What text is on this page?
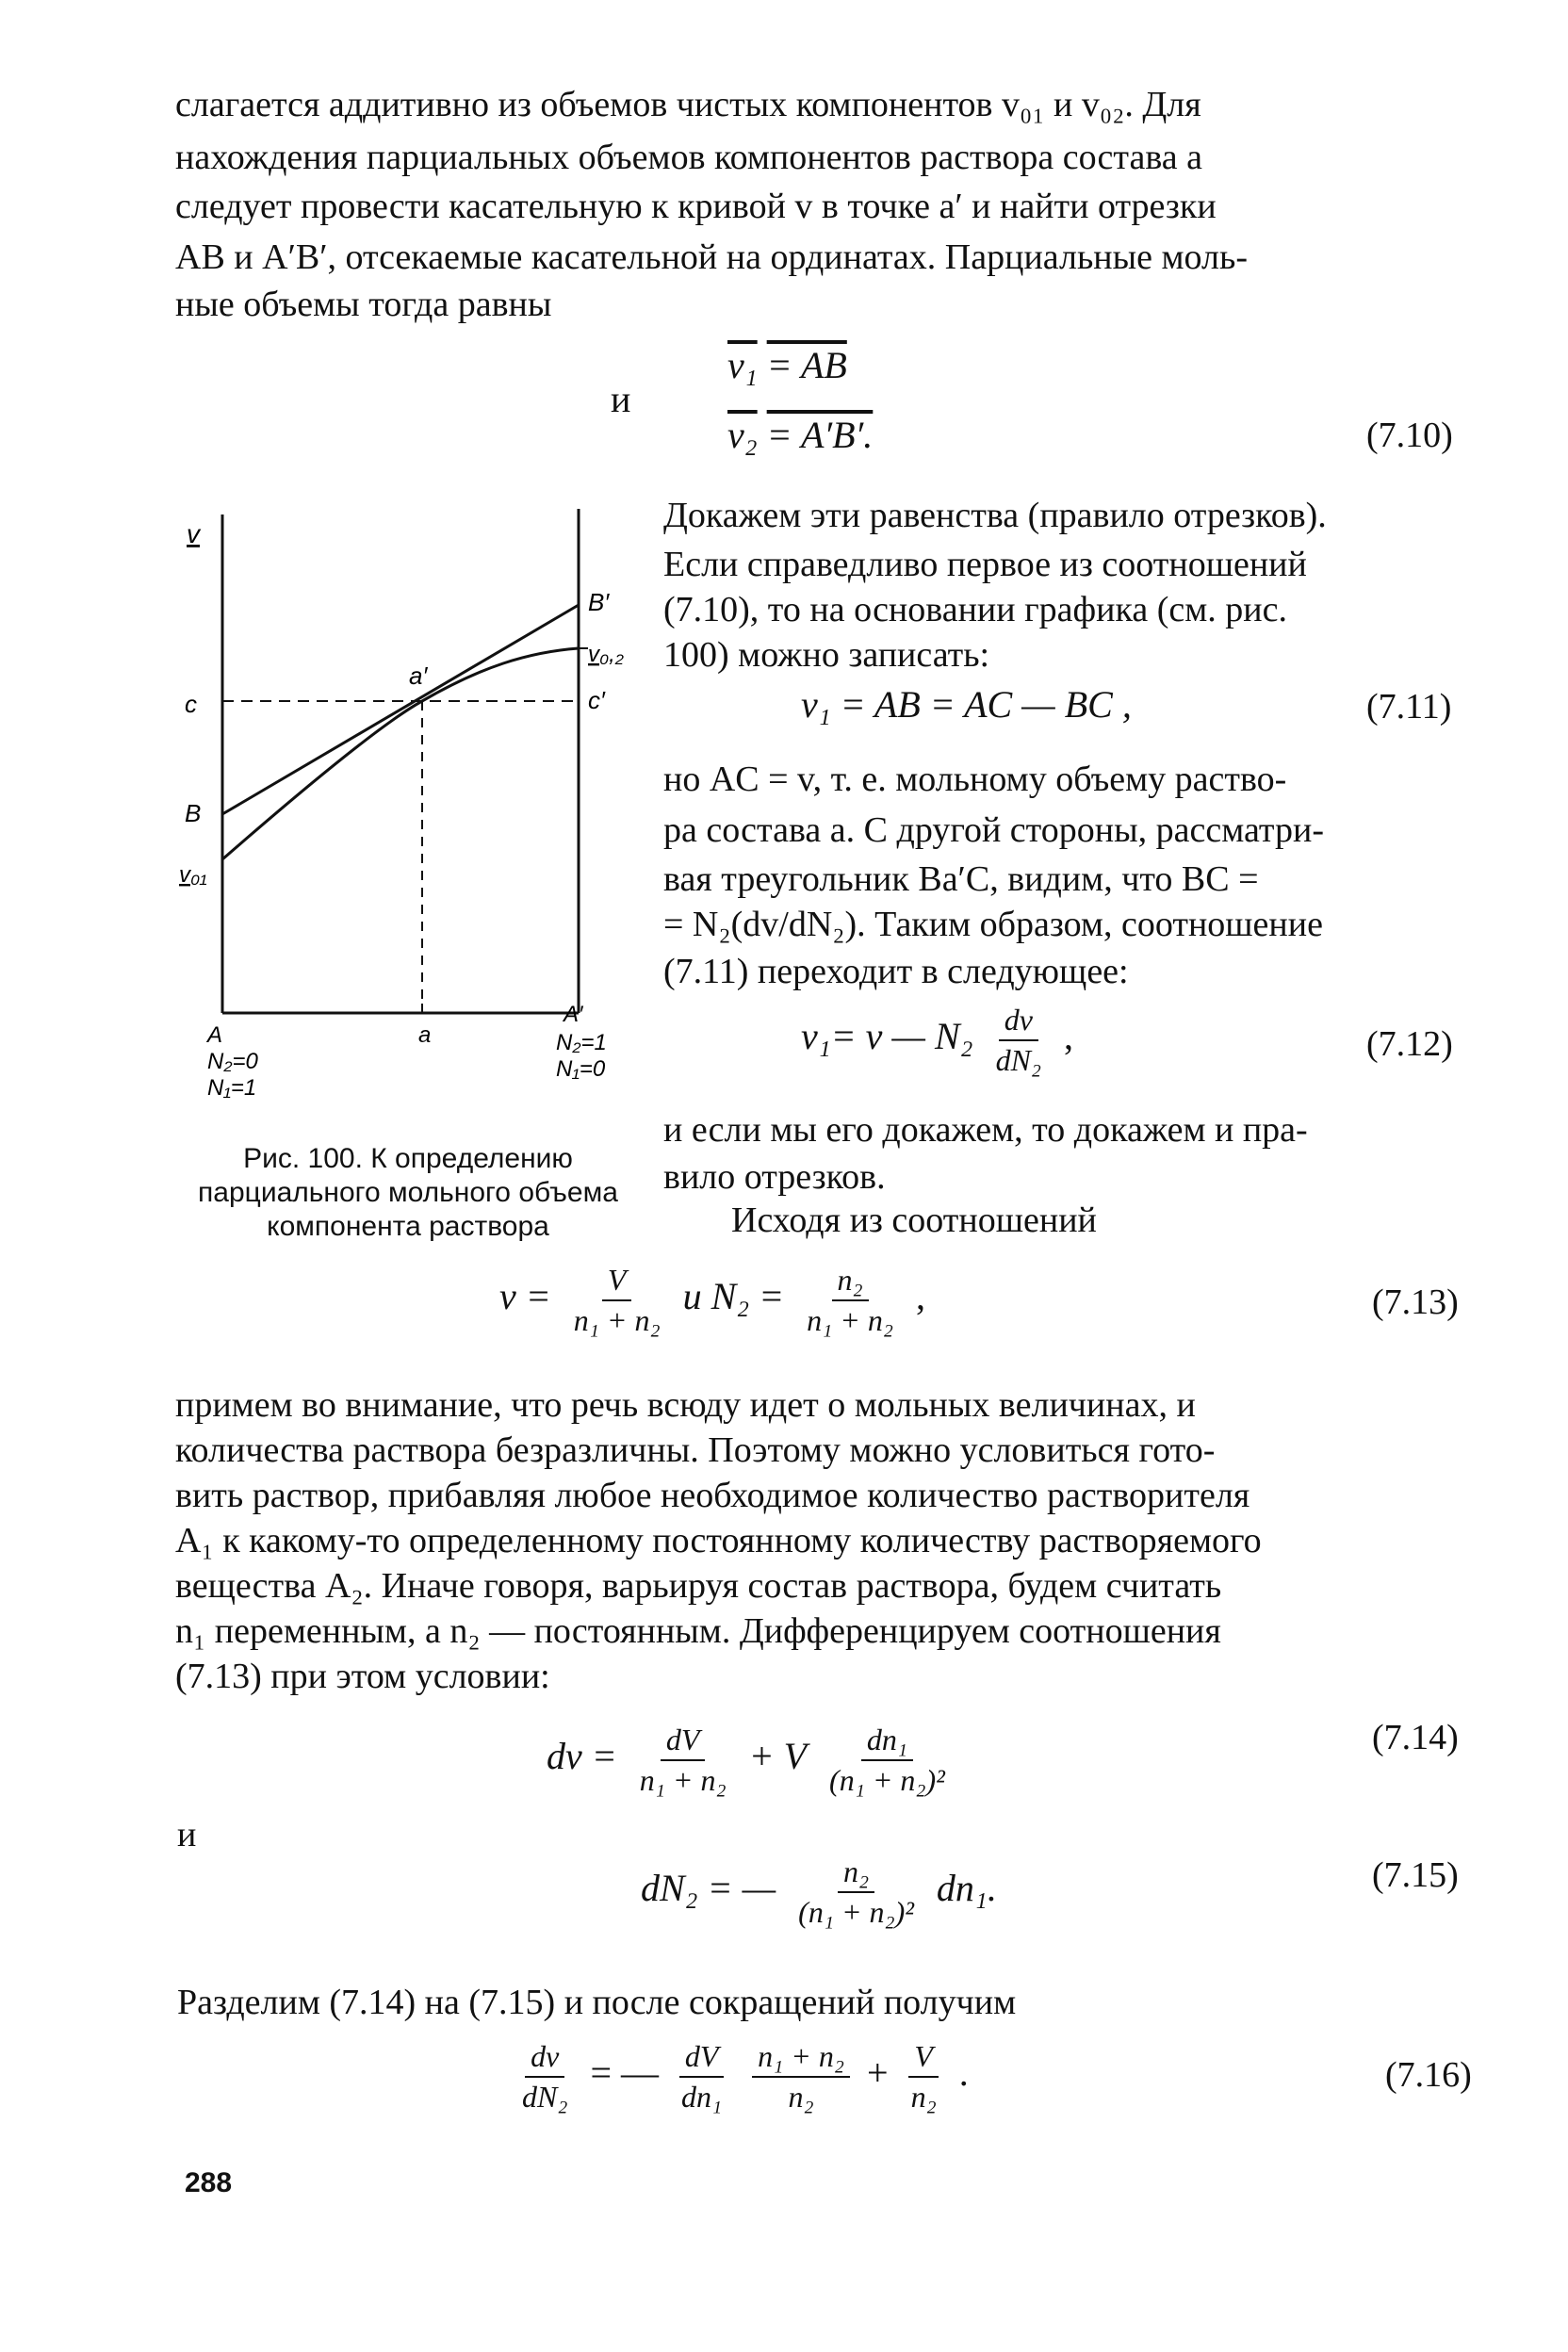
слагается аддитивно из объемов чистых компонентов v₀₁ и v₀₂. Для
нахождения парциальных объемов компонентов раствора состава a
следует провести касательную к кривой v в точке a′ и найти отрезки
AB и A′B′, отсекаемые касательной на ординатах. Парциальные моль-
ные объемы тогда равны
и
v₁ = AB
v₂ = A′B′.	(7.10)
v
B′
v₀,₂
a′
c	c′
B
v₀₁
A	a
A′
N₂=0
N₁=1
N₂=1
N₁=0
Рис. 100. К определению парциального мольного объема компонента раствора
Докажем эти равенства (правило отрезков).
Если справедливо первое из соотношений
(7.10), то на основании графика (см. рис.
100) можно записать:
v₁ = AB = AC — BC ,	(7.11)
но AC = v, т. е. мольному объему раство-
ра состава a. С другой стороны, рассматри-
вая треугольник Ba′C, видим, что BC =
= N₂(dv/dN₂). Таким образом, соотношение
(7.11) переходит в следующее:
v₁= v — $N_2 \frac{dv}{\text{dN₂}}$ ,	(7.12)
и если мы его докажем, то докажем и пра-
вило отрезков.
Исходя из соотношений
$v = \frac{V}{\text{n₁ + n₂}}$ и $N_2 = \frac{\text{n₂}}{\text{n₁ + n₂}}$ ,	(7.13)
примем во внимание, что речь всюду идет о мольных величинах, и
количества раствора безразличны. Поэтому можно условиться гото-
вить раствор, прибавляя любое необходимое количество растворителя
A₁ к какому-то определенному постоянному количеству растворяемого
вещества A₂. Иначе говоря, варьируя состав раствора, будем считать
n₁ переменным, а n₂ — постоянным. Дифференцируем соотношения
(7.13) при этом условии:
dv = $\frac{dV}{\text{n₁ + n₂}} + V \frac{\text{dn₁}}{\text{(n₁ + n₂)²}}$	(7.14)
и
dN₂ = — $\frac{\text{n₂}}{\text{(n₁ + n₂)²}} dn_1$.	(7.15)
Разделим (7.14) на (7.15) и после сокращений получим
$\frac{dv}{\text{dN₂}}$ = — $\frac{dV}{\text{dn₁}}$
$\frac{\text{n₁ + n₂}}{\text{n₂}} + \frac{V}{\text{n₂}}$ .	(7.16)
288
